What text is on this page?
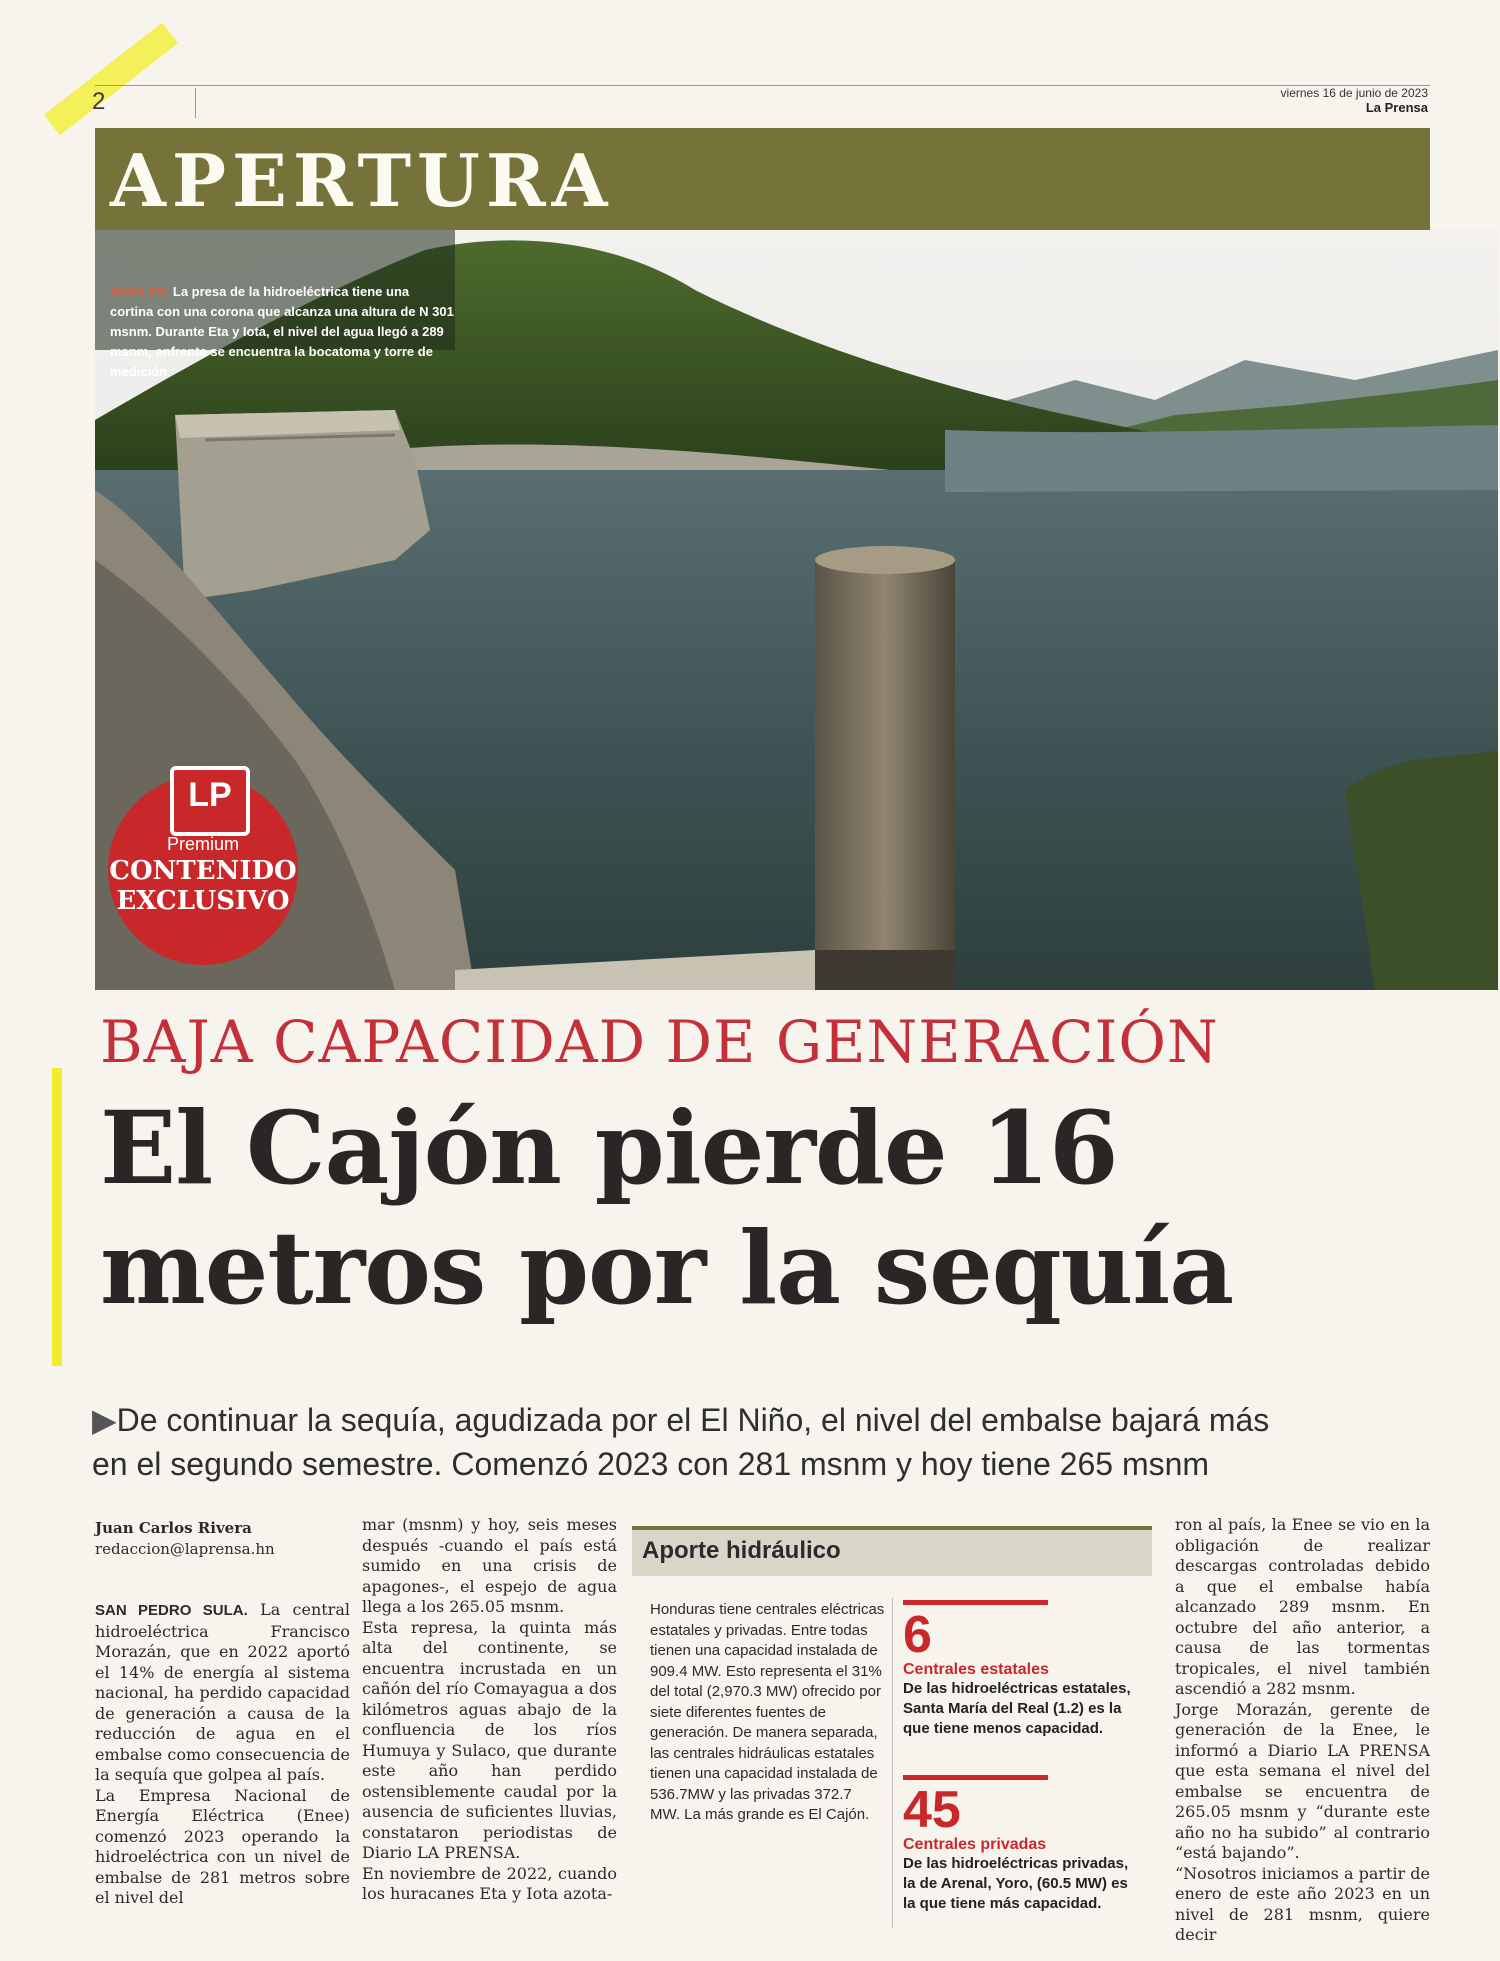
2	viernes 16 de junio de 2023
La Prensa
APERTURA
NIVELES. La presa de la hidroeléctrica tiene una cortina con una corona que alcanza una altura de N 301 msnm. Durante Eta y Iota, el nivel del agua llegó a 289 msnm, enfrente se encuentra la bocatoma y torre de medición.
LP
Premium
CONTENIDO
EXCLUSIVO
BAJA CAPACIDAD DE GENERACIÓN
El Cajón pierde 16
metros por la sequía
▶De continuar la sequía, agudizada por el El Niño, el nivel del embalse bajará más
en el segundo semestre. Comenzó 2023 con 281 msnm y hoy tiene 265 msnm
Juan Carlos Rivera
redaccion@laprensa.hn

SAN PEDRO SULA. La central hidroeléctrica Francisco Morazán, que en 2022 aportó el 14% de energía al sistema nacional, ha perdido capacidad de generación a causa de la reducción de agua en el embalse como consecuencia de la sequía que golpea al país.

La Empresa Nacional de Energía Eléctrica (Enee) comenzó 2023 operando la hidroeléctrica con un nivel de embalse de 281 metros sobre el nivel del

mar (msnm) y hoy, seis meses después -cuando el país está sumido en una crisis de apagones-, el espejo de agua llega a los 265.05 msnm.

Esta represa, la quinta más alta del continente, se encuentra incrustada en un cañón del río Comayagua a dos kilómetros aguas abajo de la confluencia de los ríos Humuya y Sulaco, que durante este año han perdido ostensiblemente caudal por la ausencia de suficientes lluvias, constataron periodistas de Diario LA PRENSA.

En noviembre de 2022, cuando los huracanes Eta y Iota azota-

Aporte hidráulico
Honduras tiene centrales eléctricas estatales y privadas. Entre todas tienen una capacidad instalada de 909.4 MW. Esto representa el 31% del total (2,970.3 MW) ofrecido por siete diferentes fuentes de generación. De manera separada, las centrales hidráulicas estatales tienen una capacidad instalada de 536.7MW y las privadas 372.7 MW. La más grande es El Cajón.
6
Centrales estatales
De las hidroeléctricas estatales, Santa María del Real (1.2) es la que tiene menos capacidad.
45
Centrales privadas
De las hidroeléctricas privadas, la de Arenal, Yoro, (60.5 MW) es la que tiene más capacidad.

ron al país, la Enee se vio en la obligación de realizar descargas controladas debido a que el embalse había alcanzado 289 msnm. En octubre del año anterior, a causa de las tormentas tropicales, el nivel también ascendió a 282 msnm.

Jorge Morazán, gerente de generación de la Enee, le informó a Diario LA PRENSA que esta semana el nivel del embalse se encuentra de 265.05 msnm y “durante este año no ha subido” al contrario “está bajando”.

“Nosotros iniciamos a partir de enero de este año 2023 en un nivel de 281 msnm, quiere decir
